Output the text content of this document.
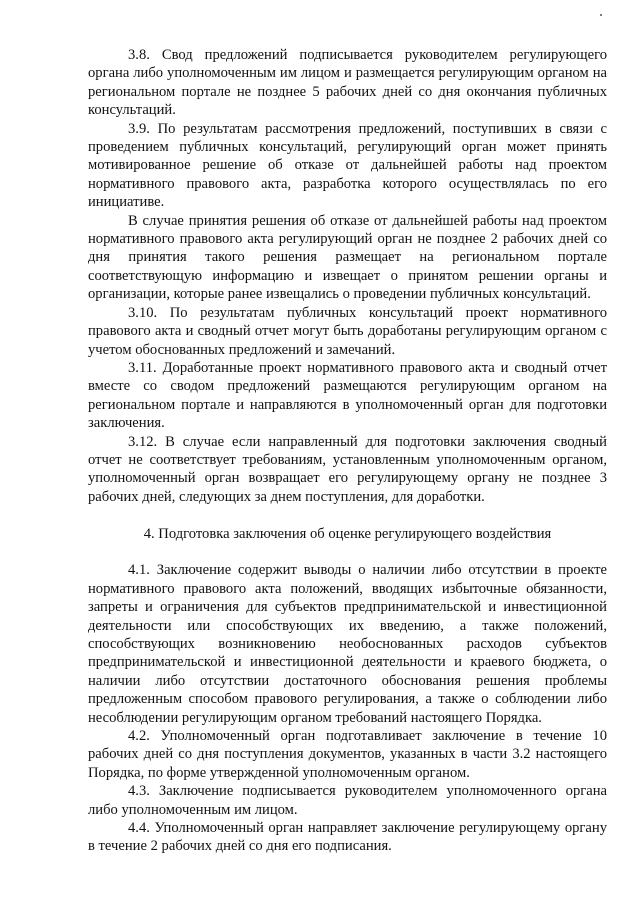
3.8. Свод предложений подписывается руководителем регулирующего органа либо уполномоченным им лицом и размещается регулирующим органом на региональном портале не позднее 5 рабочих дней со дня окончания публичных консультаций.

3.9. По результатам рассмотрения предложений, поступивших в связи с проведением публичных консультаций, регулирующий орган может принять мотивированное решение об отказе от дальнейшей работы над проектом нормативного правового акта, разработка которого осуществлялась по его инициативе.

В случае принятия решения об отказе от дальнейшей работы над проектом нормативного правового акта регулирующий орган не позднее 2 рабочих дней со дня принятия такого решения размещает на региональном портале соответствующую информацию и извещает о принятом решении органы и организации, которые ранее извещались о проведении публичных консультаций.

3.10. По результатам публичных консультаций проект нормативного правового акта и сводный отчет могут быть доработаны регулирующим органом с учетом обоснованных предложений и замечаний.

3.11. Доработанные проект нормативного правового акта и сводный отчет вместе со сводом предложений размещаются регулирующим органом на региональном портале и направляются в уполномоченный орган для подготовки заключения.

3.12. В случае если направленный для подготовки заключения сводный отчет не соответствует требованиям, установленным уполномоченным органом, уполномоченный орган возвращает его регулирующему органу не позднее 3 рабочих дней, следующих за днем поступления, для доработки.

4. Подготовка заключения об оценке регулирующего воздействия

4.1. Заключение содержит выводы о наличии либо отсутствии в проекте нормативного правового акта положений, вводящих избыточные обязанности, запреты и ограничения для субъектов предпринимательской и инвестиционной деятельности или способствующих их введению, а также положений, способствующих возникновению необоснованных расходов субъектов предпринимательской и инвестиционной деятельности и краевого бюджета, о наличии либо отсутствии достаточного обоснования решения проблемы предложенным способом правового регулирования, а также о соблюдении либо несоблюдении регулирующим органом требований настоящего Порядка.

4.2. Уполномоченный орган подготавливает заключение в течение 10 рабочих дней со дня поступления документов, указанных в части 3.2 настоящего Порядка, по форме утвержденной уполномоченным органом.

4.3. Заключение подписывается руководителем уполномоченного органа либо уполномоченным им лицом.

4.4. Уполномоченный орган направляет заключение регулирующему органу в течение 2 рабочих дней со дня его подписания.
